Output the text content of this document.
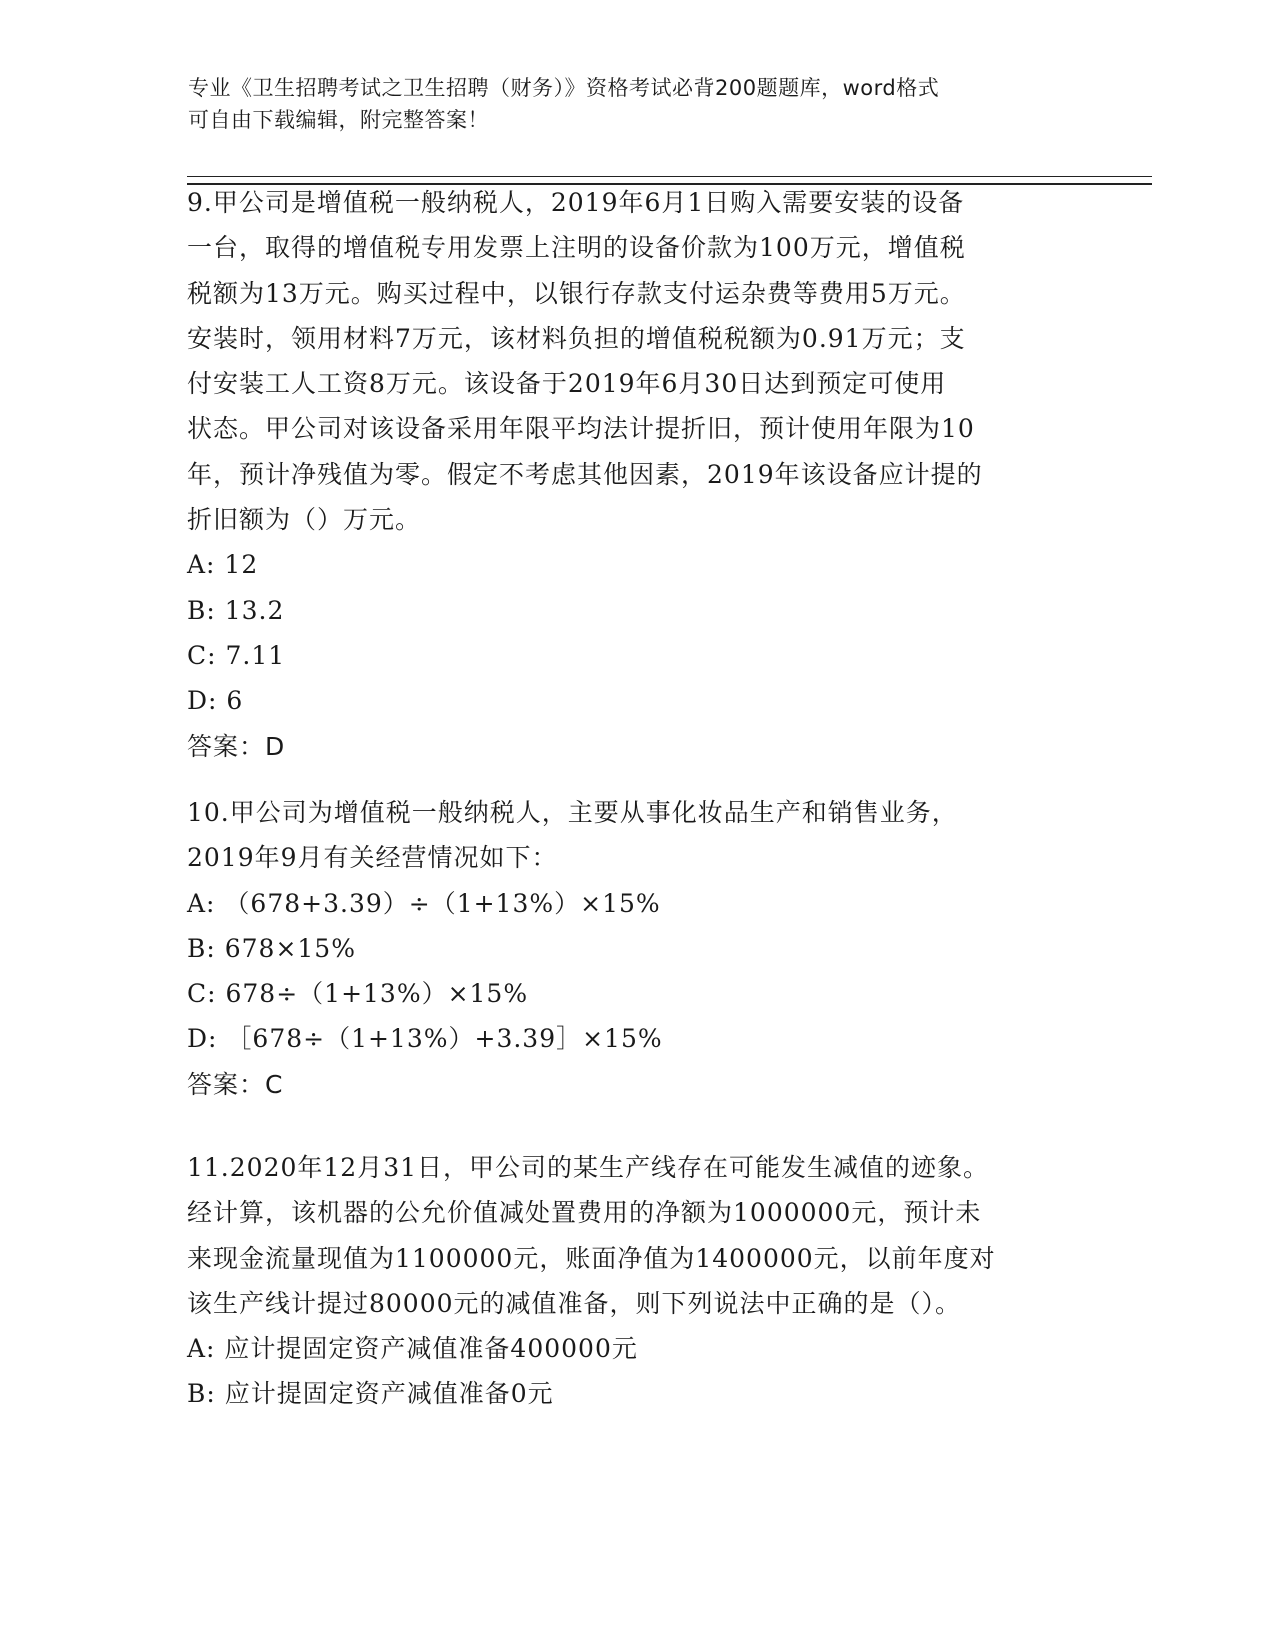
专业《卫生招聘考试之卫生招聘（财务）》资格考试必背200题题库，word格式
可自由下载编辑，附完整答案！
9.甲公司是增值税一般纳税人，2019年6月1日购入需要安装的设备
一台，取得的增值税专用发票上注明的设备价款为100万元，增值税
税额为13万元。购买过程中，以银行存款支付运杂费等费用5万元。
安装时，领用材料7万元，该材料负担的增值税税额为0.91万元；支
付安装工人工资8万元。该设备于2019年6月30日达到预定可使用
状态。甲公司对该设备采用年限平均法计提折旧，预计使用年限为10
年，预计净残值为零。假定不考虑其他因素，2019年该设备应计提的
折旧额为（）万元。
A: 12
B: 13.2
C: 7.11
D: 6
答案：D
10.甲公司为增值税一般纳税人，主要从事化妆品生产和销售业务，
2019年9月有关经营情况如下：
A: （678+3.39）÷（1+13%）×15%
B: 678×15%
C: 678÷（1+13%）×15%
D: ［678÷（1+13%）+3.39］×15%
答案：C
11.2020年12月31日，甲公司的某生产线存在可能发生减值的迹象。
经计算，该机器的公允价值减处置费用的净额为1000000元，预计未
来现金流量现值为1100000元，账面净值为1400000元，以前年度对
该生产线计提过80000元的减值准备，则下列说法中正确的是（）。
A: 应计提固定资产减值准备400000元
B: 应计提固定资产减值准备0元
